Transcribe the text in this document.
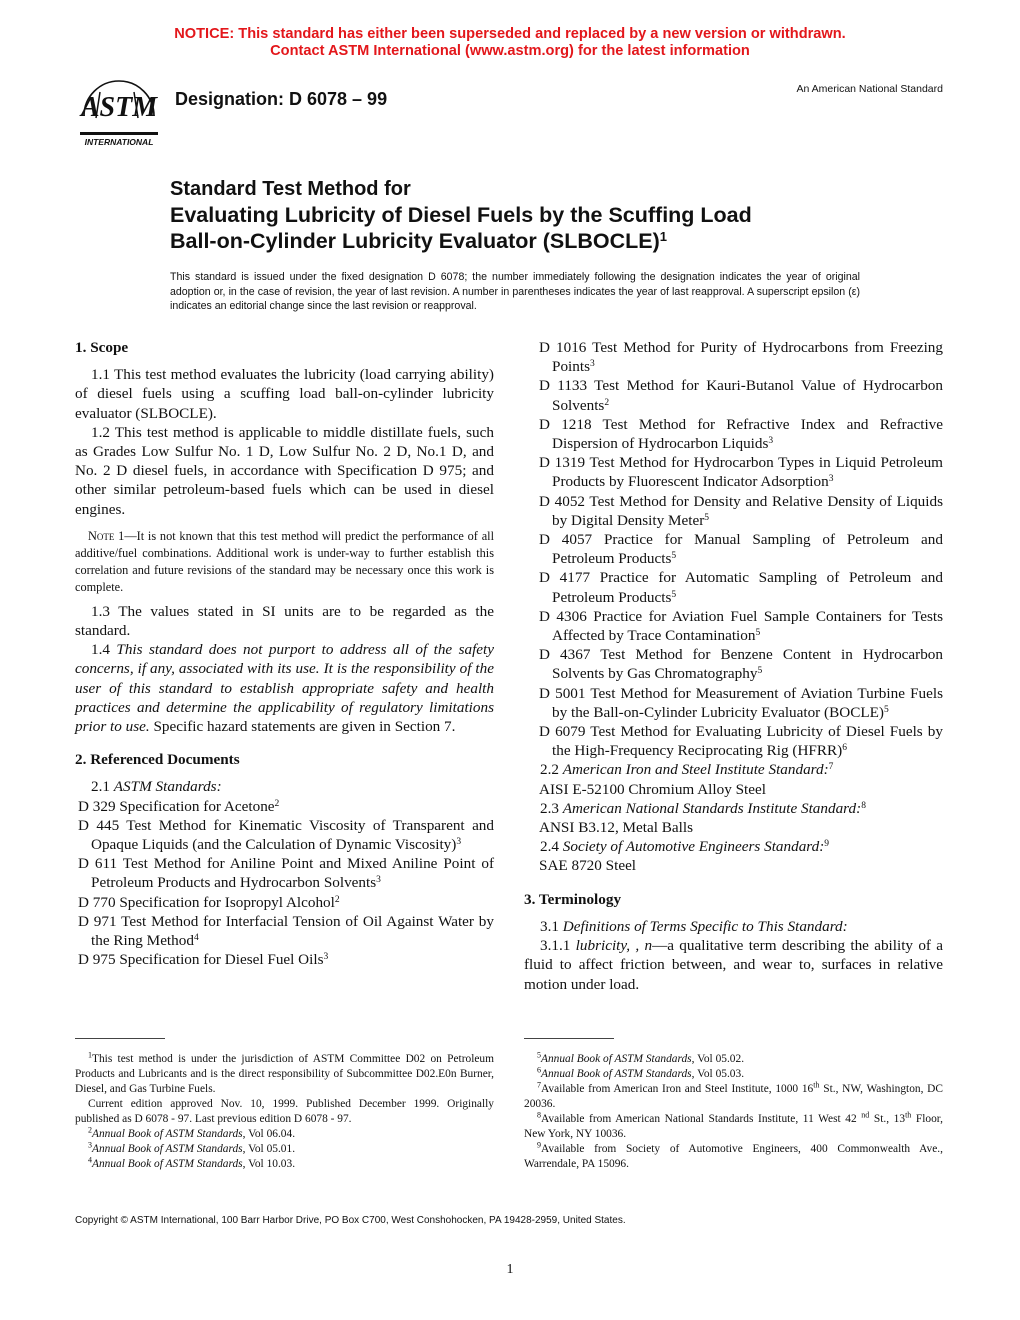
NOTICE: This standard has either been superseded and replaced by a new version or withdrawn.
Contact ASTM International (www.astm.org) for the latest information
ASTM
INTERNATIONAL
Designation: D 6078 – 99	An American National Standard
Standard Test Method for
Evaluating Lubricity of Diesel Fuels by the Scuffing Load
Ball-on-Cylinder Lubricity Evaluator (SLBOCLE)$^1$
This standard is issued under the fixed designation D 6078; the number immediately following the designation indicates the year of original adoption or, in the case of revision, the year of last revision. A number in parentheses indicates the year of last reapproval. A superscript epsilon (ε) indicates an editorial change since the last revision or reapproval.
1. Scope

1.1 This test method evaluates the lubricity (load carrying ability) of diesel fuels using a scuffing load ball-on-cylinder lubricity evaluator (SLBOCLE).

1.2 This test method is applicable to middle distillate fuels, such as Grades Low Sulfur No. 1 D, Low Sulfur No. 2 D, No.1 D, and No. 2 D diesel fuels, in accordance with Specification D 975; and other similar petroleum-based fuels which can be used in diesel engines.

Note 1—It is not known that this test method will predict the performance of all additive/fuel combinations. Additional work is under-way to further establish this correlation and future revisions of the standard may be necessary once this work is complete.

1.3 The values stated in SI units are to be regarded as the standard.

1.4 This standard does not purport to address all of the safety concerns, if any, associated with its use. It is the responsibility of the user of this standard to establish appropriate safety and health practices and determine the applicability of regulatory limitations prior to use. Specific hazard statements are given in Section 7.

2. Referenced Documents

2.1 ASTM Standards:

D 329 Specification for Acetone$^2$

D 445 Test Method for Kinematic Viscosity of Transparent and Opaque Liquids (and the Calculation of Dynamic Viscosity)$^3$

D 611 Test Method for Aniline Point and Mixed Aniline Point of Petroleum Products and Hydrocarbon Solvents$^3$

D 770 Specification for Isopropyl Alcohol$^2$

D 971 Test Method for Interfacial Tension of Oil Against Water by the Ring Method$^4$

D 975 Specification for Diesel Fuel Oils$^3$

D 1016 Test Method for Purity of Hydrocarbons from Freezing Points$^3$

D 1133 Test Method for Kauri-Butanol Value of Hydrocarbon Solvents$^2$

D 1218 Test Method for Refractive Index and Refractive Dispersion of Hydrocarbon Liquids$^3$

D 1319 Test Method for Hydrocarbon Types in Liquid Petroleum Products by Fluorescent Indicator Adsorption$^3$

D 4052 Test Method for Density and Relative Density of Liquids by Digital Density Meter$^5$

D 4057 Practice for Manual Sampling of Petroleum and Petroleum Products$^5$

D 4177 Practice for Automatic Sampling of Petroleum and Petroleum Products$^5$

D 4306 Practice for Aviation Fuel Sample Containers for Tests Affected by Trace Contamination$^5$

D 4367 Test Method for Benzene Content in Hydrocarbon Solvents by Gas Chromatography$^5$

D 5001 Test Method for Measurement of Aviation Turbine Fuels by the Ball-on-Cylinder Lubricity Evaluator (BOCLE)$^5$

D 6079 Test Method for Evaluating Lubricity of Diesel Fuels by the High-Frequency Reciprocating Rig (HFRR)$^6$

2.2 American Iron and Steel Institute Standard:$^7$

AISI E-52100 Chromium Alloy Steel

2.3 American National Standards Institute Standard:$^8$

ANSI B3.12, Metal Balls

2.4 Society of Automotive Engineers Standard:$^9$

SAE 8720 Steel

3. Terminology

3.1 Definitions of Terms Specific to This Standard:

3.1.1 lubricity, , n—a qualitative term describing the ability of a fluid to affect friction between, and wear to, surfaces in relative motion under load.

$^1$This test method is under the jurisdiction of ASTM Committee D02 on Petroleum Products and Lubricants and is the direct responsibility of Subcommittee D02.E0n Burner, Diesel, and Gas Turbine Fuels.

Current edition approved Nov. 10, 1999. Published December 1999. Originally published as D 6078 - 97. Last previous edition D 6078 - 97.

$^2$Annual Book of ASTM Standards, Vol 06.04.

$^3$Annual Book of ASTM Standards, Vol 05.01.

$^4$Annual Book of ASTM Standards, Vol 10.03.

$^5$Annual Book of ASTM Standards, Vol 05.02.

$^6$Annual Book of ASTM Standards, Vol 05.03.

$^7$Available from American Iron and Steel Institute, 1000 16th St., NW, Washington, DC 20036.

$^8$Available from American National Standards Institute, 11 West 42 $^{nd}$ St., 13th Floor, New York, NY 10036.

$^9$Available from Society of Automotive Engineers, 400 Commonwealth Ave., Warrendale, PA 15096.

Copyright © ASTM International, 100 Barr Harbor Drive, PO Box C700, West Conshohocken, PA 19428-2959, United States.
1
